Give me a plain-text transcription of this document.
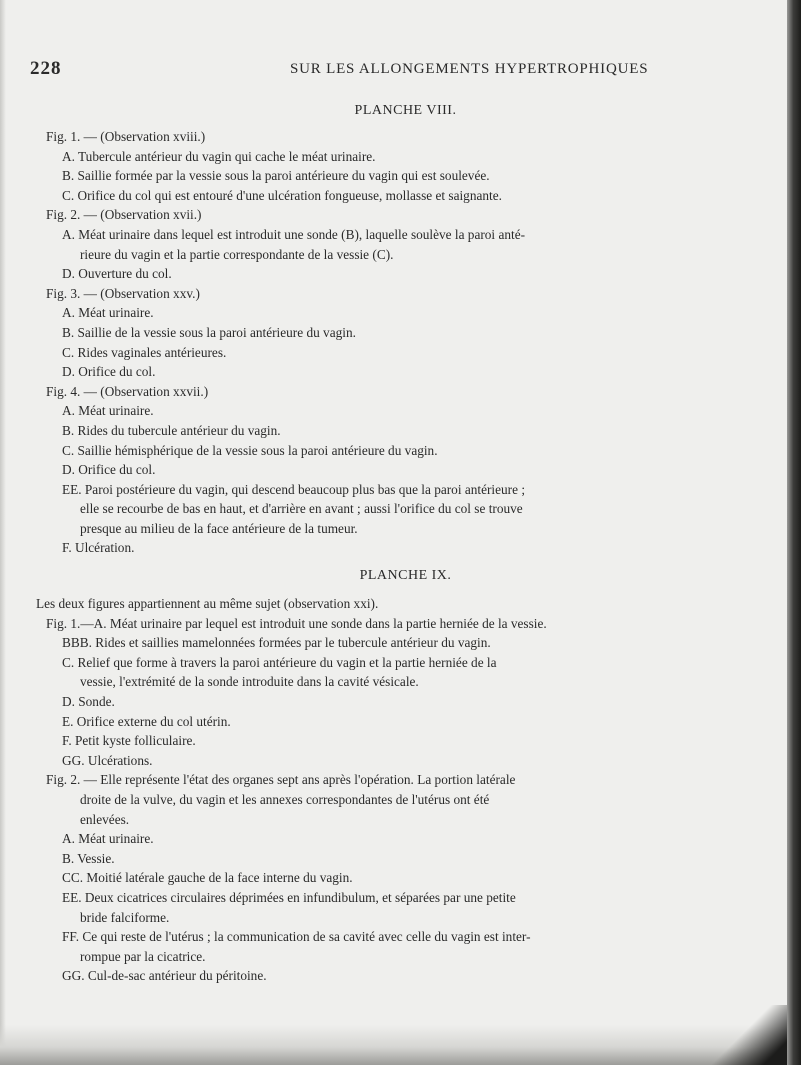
228	SUR LES ALLONGEMENTS HYPERTROPHIQUES
PLANCHE VIII.
Fig. 1. — (Observation xviii.)
A. Tubercule antérieur du vagin qui cache le méat urinaire.
B. Saillie formée par la vessie sous la paroi antérieure du vagin qui est soulevée.
C. Orifice du col qui est entouré d'une ulcération fongueuse, mollasse et saignante.
Fig. 2. — (Observation xvii.)
A. Méat urinaire dans lequel est introduit une sonde (B), laquelle soulève la paroi anté-
rieure du vagin et la partie correspondante de la vessie (C).
D. Ouverture du col.
Fig. 3. — (Observation xxv.)
A. Méat urinaire.
B. Saillie de la vessie sous la paroi antérieure du vagin.
C. Rides vaginales antérieures.
D. Orifice du col.
Fig. 4. — (Observation xxvii.)
A. Méat urinaire.
B. Rides du tubercule antérieur du vagin.
C. Saillie hémisphérique de la vessie sous la paroi antérieure du vagin.
D. Orifice du col.
EE. Paroi postérieure du vagin, qui descend beaucoup plus bas que la paroi antérieure ;
elle se recourbe de bas en haut, et d'arrière en avant ; aussi l'orifice du col se trouve
presque au milieu de la face antérieure de la tumeur.
F. Ulcération.
PLANCHE IX.
Les deux figures appartiennent au même sujet (observation xxi).
Fig. 1.—A. Méat urinaire par lequel est introduit une sonde dans la partie herniée de la vessie.
BBB. Rides et saillies mamelonnées formées par le tubercule antérieur du vagin.
C. Relief que forme à travers la paroi antérieure du vagin et la partie herniée de la
vessie, l'extrémité de la sonde introduite dans la cavité vésicale.
D. Sonde.
E. Orifice externe du col utérin.
F. Petit kyste folliculaire.
GG. Ulcérations.
Fig. 2. — Elle représente l'état des organes sept ans après l'opération. La portion latérale
droite de la vulve, du vagin et les annexes correspondantes de l'utérus ont été
enlevées.
A. Méat urinaire.
B. Vessie.
CC. Moitié latérale gauche de la face interne du vagin.
EE. Deux cicatrices circulaires déprimées en infundibulum, et séparées par une petite
bride falciforme.
FF. Ce qui reste de l'utérus ; la communication de sa cavité avec celle du vagin est inter-
rompue par la cicatrice.
GG. Cul-de-sac antérieur du péritoine.
